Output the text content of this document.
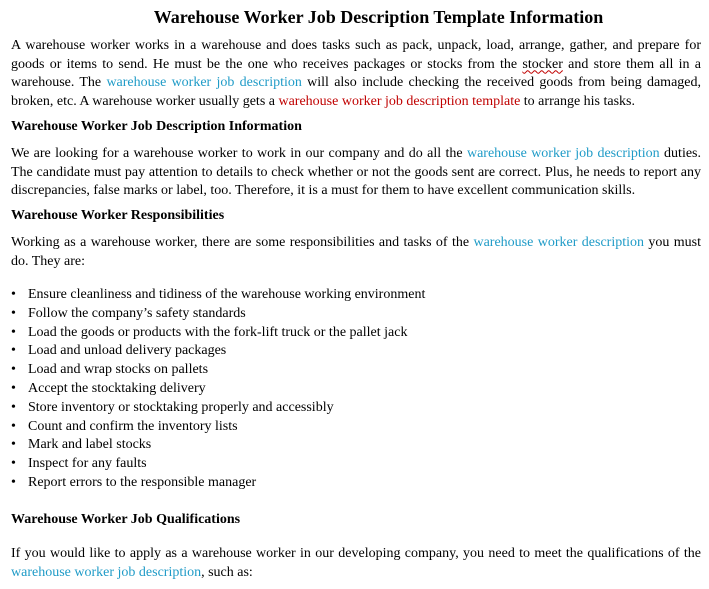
Warehouse Worker Job Description Template Information

A warehouse worker works in a warehouse and does tasks such as pack, unpack, load, arrange, gather, and prepare for goods or items to send. He must be the one who receives packages or stocks from the stocker and store them all in a warehouse. The warehouse worker job description will also include checking the received goods from being damaged, broken, etc. A warehouse worker usually gets a warehouse worker job description template to arrange his tasks.

Warehouse Worker Job Description Information

We are looking for a warehouse worker to work in our company and do all the warehouse worker job description duties. The candidate must pay attention to details to check whether or not the goods sent are correct. Plus, he needs to report any discrepancies, false marks or label, too. Therefore, it is a must for them to have excellent communication skills.

Warehouse Worker Responsibilities

Working as a warehouse worker, there are some responsibilities and tasks of the warehouse worker description you must do. They are:

• Ensure cleanliness and tidiness of the warehouse working environment
• Follow the company’s safety standards
• Load the goods or products with the fork-lift truck or the pallet jack
• Load and unload delivery packages
• Load and wrap stocks on pallets
• Accept the stocktaking delivery
• Store inventory or stocktaking properly and accessibly
• Count and confirm the inventory lists
• Mark and label stocks
• Inspect for any faults
• Report errors to the responsible manager
Warehouse Worker Job Qualifications

If you would like to apply as a warehouse worker in our developing company, you need to meet the qualifications of the warehouse worker job description, such as:
